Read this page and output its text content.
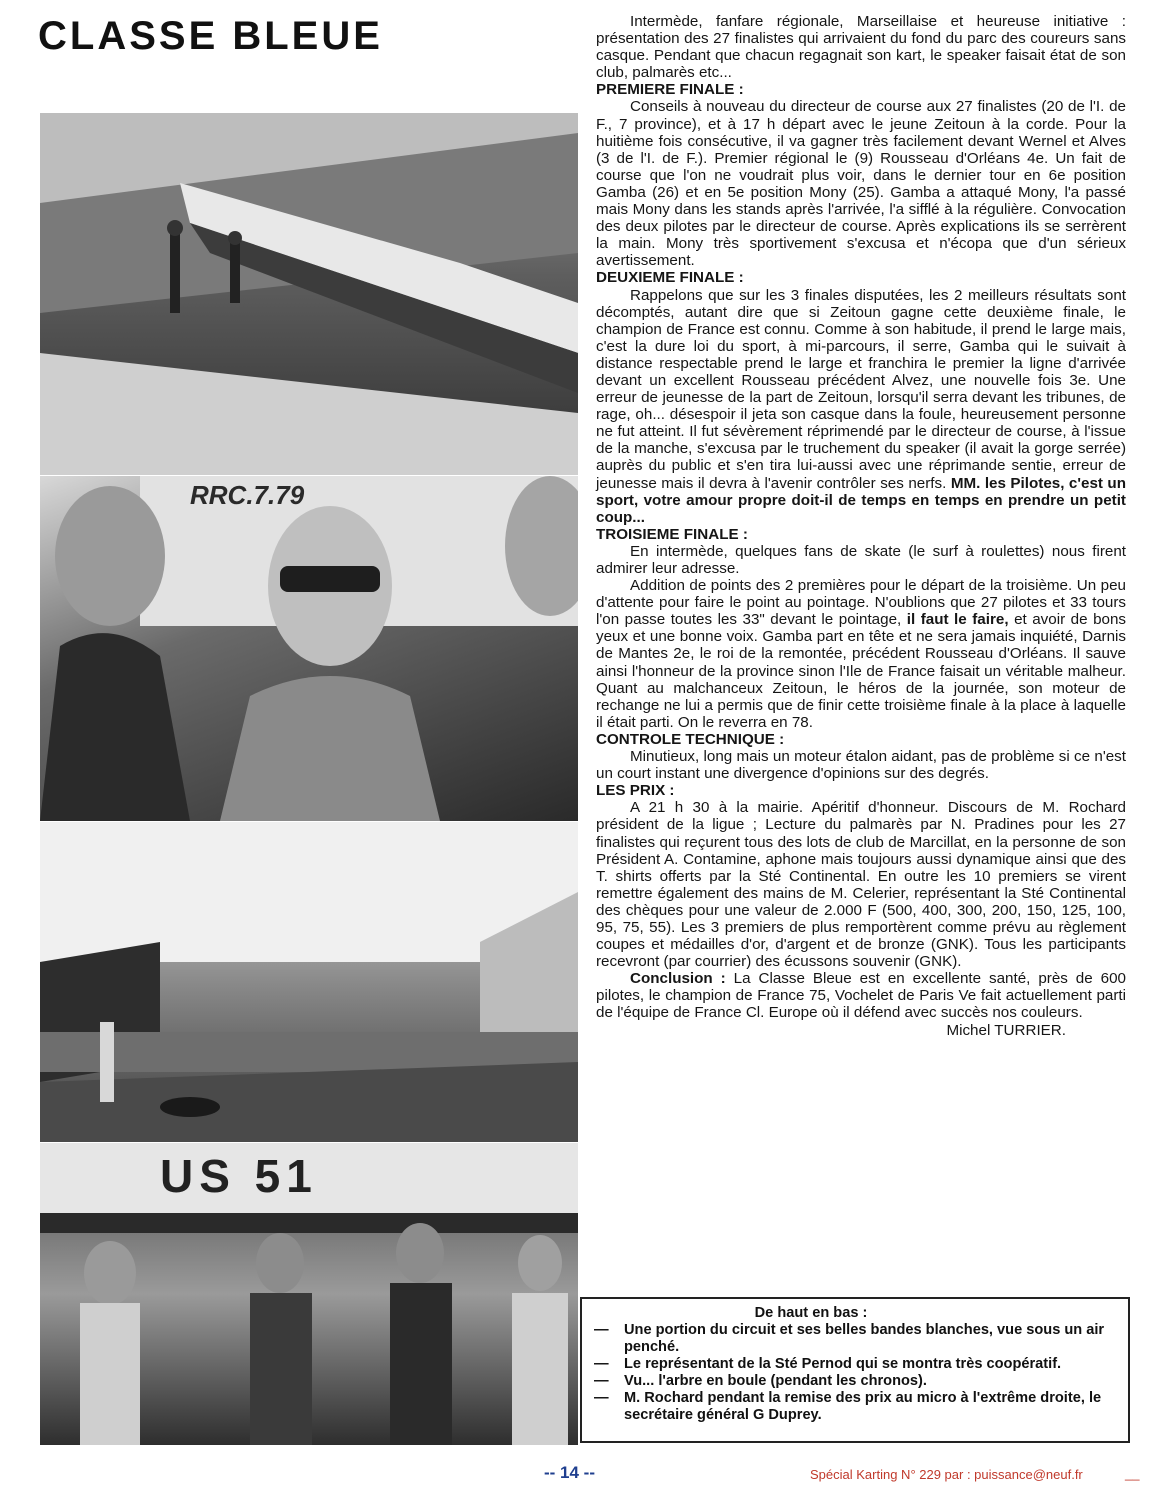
CLASSE BLEUE
RRC.7.79
US 51

Intermède, fanfare régionale, Marseillaise et heureuse initiative : présentation des 27 finalistes qui arrivaient du fond du parc des coureurs sans casque. Pendant que chacun regagnait son kart, le speaker faisait état de son club, palmarès etc...

PREMIERE FINALE :

Conseils à nouveau du directeur de course aux 27 finalistes (20 de l'I. de F., 7 province), et à 17 h départ avec le jeune Zeitoun à la corde. Pour la huitième fois consécutive, il va gagner très facilement devant Wernel et Alves (3 de l'I. de F.). Premier régional le (9) Rousseau d'Orléans 4e. Un fait de course que l'on ne voudrait plus voir, dans le dernier tour en 6e position Gamba (26) et en 5e position Mony (25). Gamba a attaqué Mony, l'a passé mais Mony dans les stands après l'arrivée, l'a sifflé à la régulière. Convocation des deux pilotes par le directeur de course. Après explications ils se serrèrent la main. Mony très sportivement s'excusa et n'écopa que d'un sérieux avertissement.

DEUXIEME FINALE :

Rappelons que sur les 3 finales disputées, les 2 meilleurs résultats sont décomptés, autant dire que si Zeitoun gagne cette deuxième finale, le champion de France est connu. Comme à son habitude, il prend le large mais, c'est la dure loi du sport, à mi-parcours, il serre, Gamba qui le suivait à distance respectable prend le large et franchira le premier la ligne d'arrivée devant un excellent Rousseau précédent Alvez, une nouvelle fois 3e. Une erreur de jeunesse de la part de Zeitoun, lorsqu'il serra devant les tribunes, de rage, oh... désespoir il jeta son casque dans la foule, heureusement personne ne fut atteint. Il fut sévèrement réprimendé par le directeur de course, à l'issue de la manche, s'excusa par le truchement du speaker (il avait la gorge serrée) auprès du public et s'en tira lui-aussi avec une réprimande sentie, erreur de jeunesse mais il devra à l'avenir contrôler ses nerfs. MM. les Pilotes, c'est un sport, votre amour propre doit-il de temps en temps en prendre un petit coup...

TROISIEME FINALE :

En intermède, quelques fans de skate (le surf à roulettes) nous firent admirer leur adresse.

Addition de points des 2 premières pour le départ de la troisième. Un peu d'attente pour faire le point au pointage. N'oublions que 27 pilotes et 33 tours l'on passe toutes les 33" devant le pointage, il faut le faire, et avoir de bons yeux et une bonne voix. Gamba part en tête et ne sera jamais inquiété, Darnis de Mantes 2e, le roi de la remontée, précédent Rousseau d'Orléans. Il sauve ainsi l'honneur de la province sinon l'Ile de France faisait un véritable malheur. Quant au malchanceux Zeitoun, le héros de la journée, son moteur de rechange ne lui a permis que de finir cette troisième finale à la place à laquelle il était parti. On le reverra en 78.

CONTROLE TECHNIQUE :

Minutieux, long mais un moteur étalon aidant, pas de problème si ce n'est un court instant une divergence d'opinions sur des degrés.

LES PRIX :

A 21 h 30 à la mairie. Apéritif d'honneur. Discours de M. Rochard président de la ligue ; Lecture du palmarès par N. Pradines pour les 27 finalistes qui reçurent tous des lots de club de Marcillat, en la personne de son Président A. Contamine, aphone mais toujours aussi dynamique ainsi que des T. shirts offerts par la Sté Continental. En outre les 10 premiers se virent remettre également des mains de M. Celerier, représentant la Sté Continental des chèques pour une valeur de 2.000 F (500, 400, 300, 200, 150, 125, 100, 95, 75, 55). Les 3 premiers de plus remportèrent comme prévu au règlement coupes et médailles d'or, d'argent et de bronze (GNK). Tous les participants recevront (par courrier) des écussons souvenir (GNK).

Conclusion : La Classe Bleue est en excellente santé, près de 600 pilotes, le champion de France 75, Vochelet de Paris Ve fait actuellement parti de l'équipe de France Cl. Europe où il défend avec succès nos couleurs.

Michel TURRIER.

De haut en bas :
— Une portion du circuit et ses belles bandes blanches, vue sous un air penché.
— Le représentant de la Sté Pernod qui se montra très coopératif.
— Vu... l'arbre en boule (pendant les chronos).
— M. Rochard pendant la remise des prix au micro à l'extrême droite, le secrétaire général G Duprey.
-- 14 --	Spécial Karting N° 229 par : puissance@neuf.fr	__
